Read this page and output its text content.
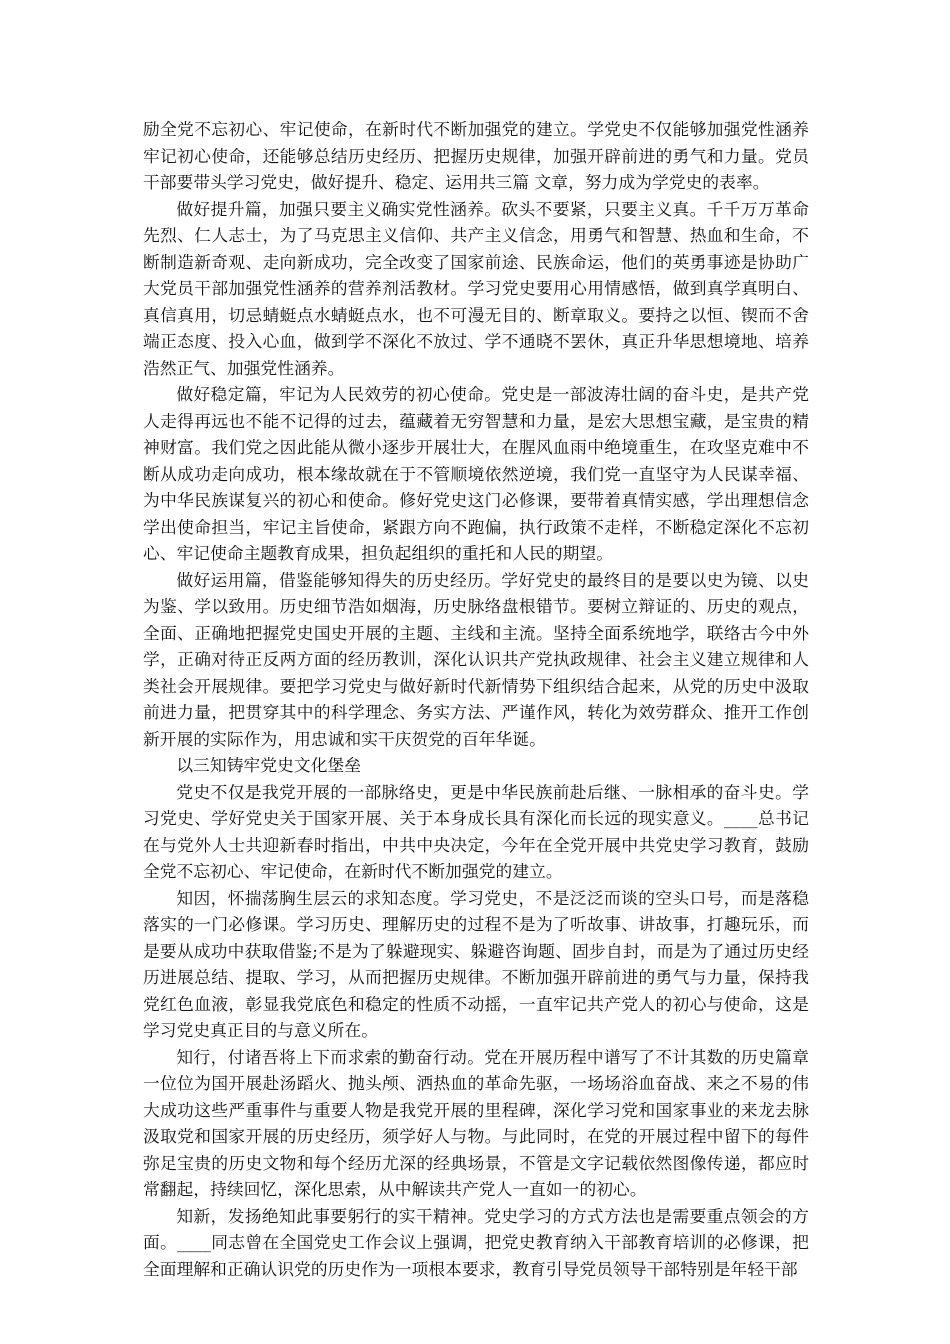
励全党不忘初心、牢记使命，在新时代不断加强党的建立。学党史不仅能够加强党性涵养牢记初心使命，还能够总结历史经历、把握历史规律，加强开辟前进的勇气和力量。党员干部要带头学习党史，做好提升、稳定、运用共三篇 文章，努力成为学党史的表率。

做好提升篇，加强只要主义确实党性涵养。砍头不要紧，只要主义真。千千万万革命先烈、仁人志士，为了马克思主义信仰、共产主义信念，用勇气和智慧、热血和生命，不断制造新奇观、走向新成功，完全改变了国家前途、民族命运，他们的英勇事迹是协助广大党员干部加强党性涵养的营养剂活教材。学习党史要用心用情感悟，做到真学真明白、真信真用，切忌蜻蜓点水蜻蜓点水，也不可漫无目的、断章取义。要持之以恒、锲而不舍端正态度、投入心血，做到学不深化不放过、学不通晓不罢休，真正升华思想境地、培养浩然正气、加强党性涵养。

做好稳定篇，牢记为人民效劳的初心使命。党史是一部波涛壮阔的奋斗史，是共产党人走得再远也不能不记得的过去，蕴藏着无穷智慧和力量，是宏大思想宝藏，是宝贵的精神财富。我们党之因此能从微小逐步开展壮大，在腥风血雨中绝境重生，在攻坚克难中不断从成功走向成功，根本缘故就在于不管顺境依然逆境，我们党一直坚守为人民谋幸福、为中华民族谋复兴的初心和使命。修好党史这门必修课，要带着真情实感，学出理想信念学出使命担当，牢记主旨使命，紧跟方向不跑偏，执行政策不走样，不断稳定深化不忘初心、牢记使命主题教育成果，担负起组织的重托和人民的期望。

做好运用篇，借鉴能够知得失的历史经历。学好党史的最终目的是要以史为镜、以史为鉴、学以致用。历史细节浩如烟海，历史脉络盘根错节。要树立辩证的、历史的观点，全面、正确地把握党史国史开展的主题、主线和主流。坚持全面系统地学，联络古今中外学，正确对待正反两方面的经历教训，深化认识共产党执政规律、社会主义建立规律和人类社会开展规律。要把学习党史与做好新时代新情势下组织结合起来，从党的历史中汲取前进力量，把贯穿其中的科学理念、务实方法、严谨作风，转化为效劳群众、推开工作创新开展的实际作为，用忠诚和实干庆贺党的百年华诞。

以三知铸牢党史文化堡垒

党史不仅是我党开展的一部脉络史，更是中华民族前赴后继、一脉相承的奋斗史。学习党史、学好党史关于国家开展、关于本身成长具有深化而长远的现实意义。____总书记在与党外人士共迎新春时指出，中共中央决定，今年在全党开展中共党史学习教育，鼓励全党不忘初心、牢记使命，在新时代不断加强党的建立。

知因，怀揣荡胸生层云的求知态度。学习党史，不是泛泛而谈的空头口号，而是落稳落实的一门必修课。学习历史、理解历史的过程不是为了听故事、讲故事，打趣玩乐，而是要从成功中获取借鉴;不是为了躲避现实、躲避咨询题、固步自封，而是为了通过历史经历进展总结、提取、学习，从而把握历史规律。不断加强开辟前进的勇气与力量，保持我党红色血液，彰显我党底色和稳定的性质不动摇，一直牢记共产党人的初心与使命，这是学习党史真正目的与意义所在。

知行，付诸吾将上下而求索的勤奋行动。党在开展历程中谱写了不计其数的历史篇章一位位为国开展赴汤蹈火、抛头颅、洒热血的革命先驱，一场场浴血奋战、来之不易的伟大成功这些严重事件与重要人物是我党开展的里程碑，深化学习党和国家事业的来龙去脉汲取党和国家开展的历史经历，须学好人与物。与此同时，在党的开展过程中留下的每件弥足宝贵的历史文物和每个经历尤深的经典场景，不管是文字记载依然图像传递，都应时常翻起，持续回忆，深化思索，从中解读共产党人一直如一的初心。

知新，发扬绝知此事要躬行的实干精神。党史学习的方式方法也是需要重点领会的方面。____同志曾在全国党史工作会议上强调，把党史教育纳入干部教育培训的必修课，把全面理解和正确认识党的历史作为一项根本要求，教育引导党员领导干部特别是年轻干部
